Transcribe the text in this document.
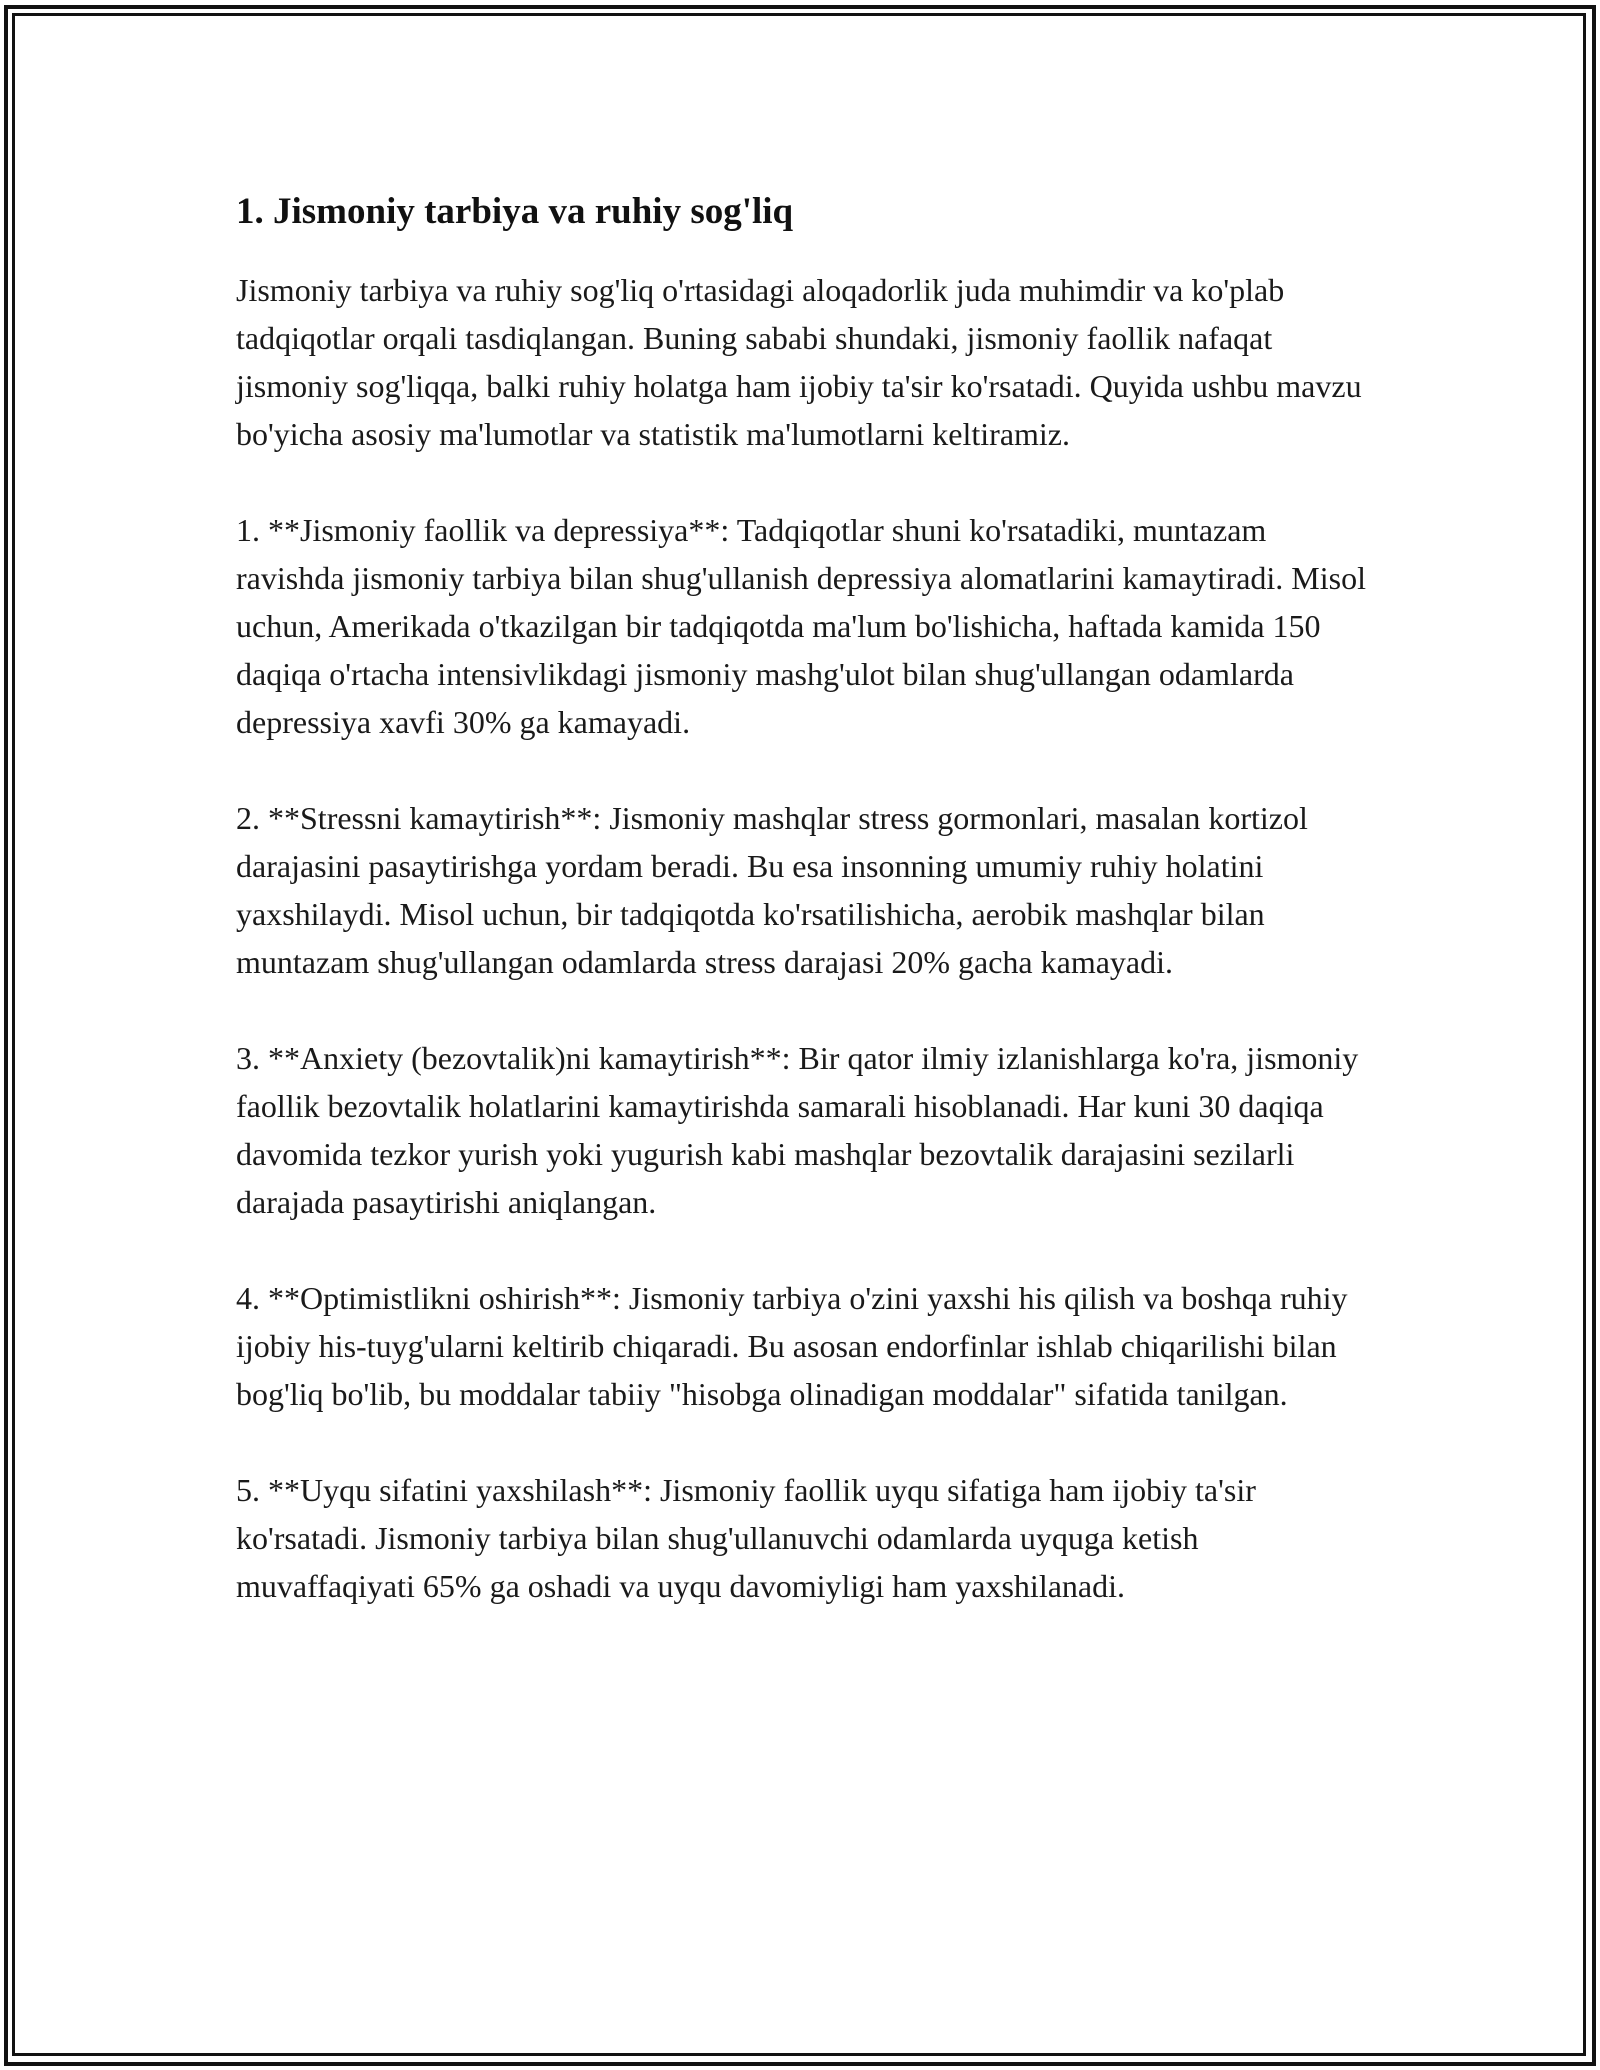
1. Jismoniy tarbiya va ruhiy sog'liq

Jismoniy tarbiya va ruhiy sog'liq o'rtasidagi aloqadorlik juda muhimdir va ko'plab tadqiqotlar orqali tasdiqlangan. Buning sababi shundaki, jismoniy faollik nafaqat jismoniy sog'liqqa, balki ruhiy holatga ham ijobiy ta'sir ko'rsatadi. Quyida ushbu mavzu bo'yicha asosiy ma'lumotlar va statistik ma'lumotlarni keltiramiz.

1. **Jismoniy faollik va depressiya**: Tadqiqotlar shuni ko'rsatadiki, muntazam ravishda jismoniy tarbiya bilan shug'ullanish depressiya alomatlarini kamaytiradi. Misol uchun, Amerikada o'tkazilgan bir tadqiqotda ma'lum bo'lishicha, haftada kamida 150 daqiqa o'rtacha intensivlikdagi jismoniy mashg'ulot bilan shug'ullangan odamlarda depressiya xavfi 30% ga kamayadi.

2. **Stressni kamaytirish**: Jismoniy mashqlar stress gormonlari, masalan kortizol darajasini pasaytirishga yordam beradi. Bu esa insonning umumiy ruhiy holatini yaxshilaydi. Misol uchun, bir tadqiqotda ko'rsatilishicha, aerobik mashqlar bilan muntazam shug'ullangan odamlarda stress darajasi 20% gacha kamayadi.

3. **Anxiety (bezovtalik)ni kamaytirish**: Bir qator ilmiy izlanishlarga ko'ra, jismoniy faollik bezovtalik holatlarini kamaytirishda samarali hisoblanadi. Har kuni 30 daqiqa davomida tezkor yurish yoki yugurish kabi mashqlar bezovtalik darajasini sezilarli darajada pasaytirishi aniqlangan.

4. **Optimistlikni oshirish**: Jismoniy tarbiya o'zini yaxshi his qilish va boshqa ruhiy ijobiy his-tuyg'ularni keltirib chiqaradi. Bu asosan endorfinlar ishlab chiqarilishi bilan bog'liq bo'lib, bu moddalar tabiiy "hisobga olinadigan moddalar" sifatida tanilgan.

5. **Uyqu sifatini yaxshilash**: Jismoniy faollik uyqu sifatiga ham ijobiy ta'sir ko'rsatadi. Jismoniy tarbiya bilan shug'ullanuvchi odamlarda uyquga ketish muvaffaqiyati 65% ga oshadi va uyqu davomiyligi ham yaxshilanadi.
